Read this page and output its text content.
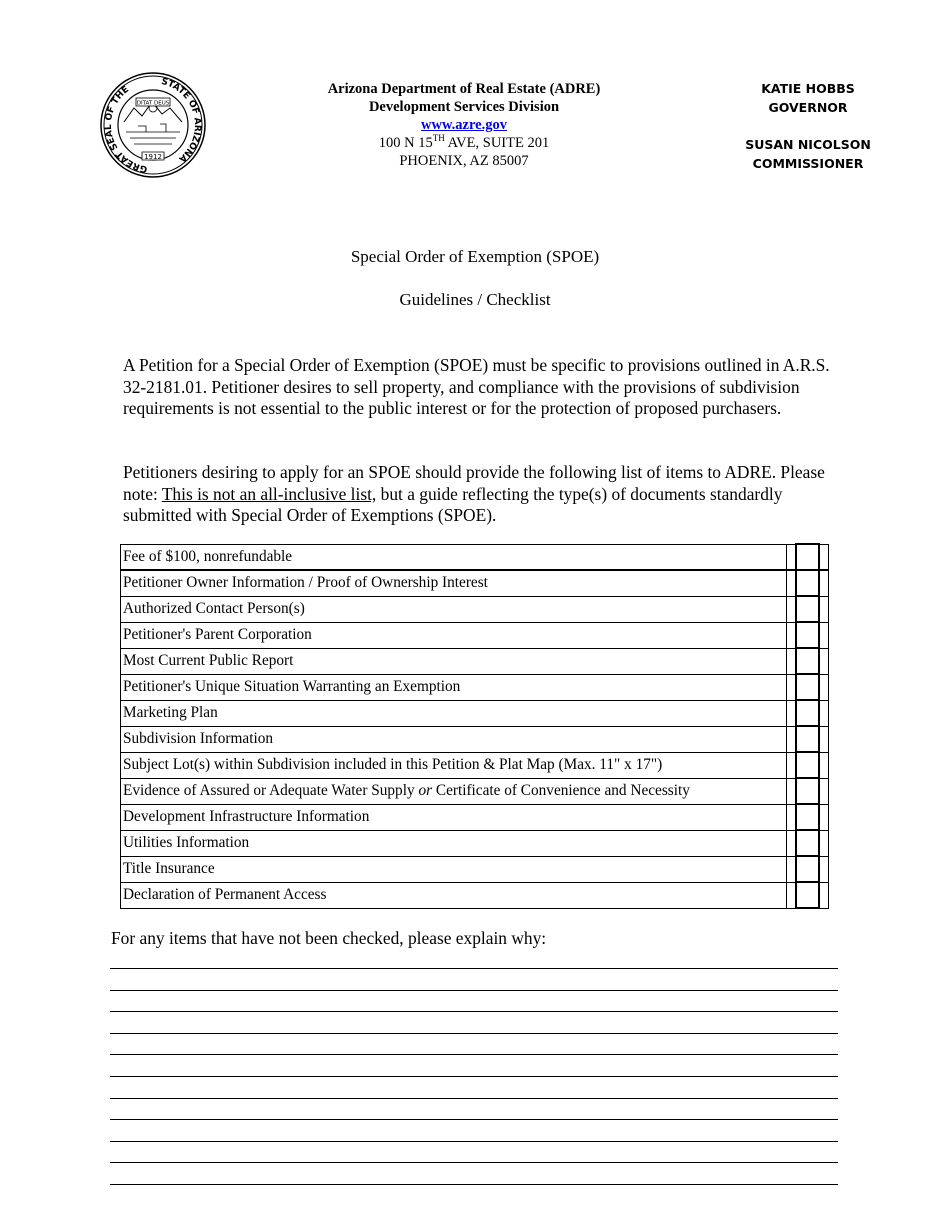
GREAT SEAL OF THE
STATE OF ARIZONA
DITAT DEUS
1912
Arizona Department of Real Estate (ADRE)
Development Services Division
www.azre.gov
100 N 15TH AVE, SUITE 201
PHOENIX, AZ 85007
KATIE HOBBS
GOVERNOR
SUSAN NICOLSON
COMMISSIONER
Special Order of Exemption (SPOE)
Guidelines / Checklist
A Petition for a Special Order of Exemption (SPOE) must be specific to provisions outlined in A.R.S. 32-2181.01. Petitioner desires to sell property, and compliance with the provisions of subdivision requirements is not essential to the public interest or for the protection of proposed purchasers.
Petitioners desiring to apply for an SPOE should provide the following list of items to ADRE. Please note: This is not an all-inclusive list, but a guide reflecting the type(s) of documents standardly submitted with Special Order of Exemptions (SPOE).
Fee of $100, nonrefundable			
Petitioner Owner Information / Proof of Ownership Interest			
Authorized Contact Person(s)			
Petitioner's Parent Corporation			
Most Current Public Report			
Petitioner's Unique Situation Warranting an Exemption			
Marketing Plan			
Subdivision Information			
Subject Lot(s) within Subdivision included in this Petition & Plat Map (Max. 11" x 17")			
Evidence of Assured or Adequate Water Supply or Certificate of Convenience and Necessity			
Development Infrastructure Information			
Utilities Information			
Title Insurance			
Declaration of Permanent Access			
For any items that have not been checked, please explain why:
